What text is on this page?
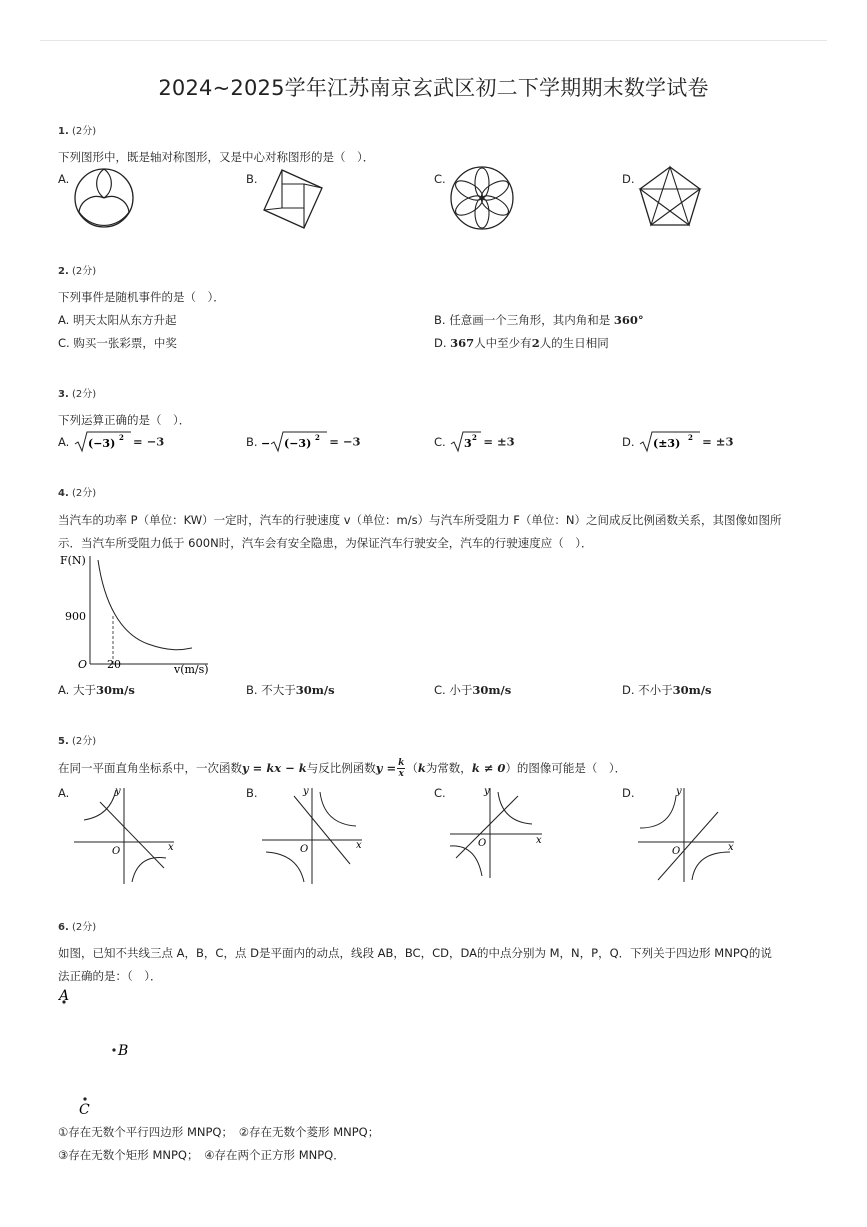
2024~2025学年江苏南京玄武区初二下学期期末数学试卷
1. (2分)
下列图形中，既是轴对称图形，又是中心对称图形的是（　）．
A.	B.	C.	D.
2. (2分)
下列事件是随机事件的是（　）．
A. 明天太阳从东方升起	B. 任意画一个三角形，其内角和是 360°
C. 购买一张彩票，中奖	D. 367人中至少有2人的生日相同
3. (2分)
下列运算正确的是（　）．
A. (−3) 2 = −3	B. − (−3) 2 = −3	C. 3 2 = ±3	D. (±3) 2 = ±3
4. (2分)
当汽车的功率 P（单位：KW）一定时，汽车的行驶速度 v（单位：m/s）与汽车所受阻力 F（单位：N）之间成反比例函数关系，其图像如图所
示．当汽车所受阻力低于 600N时，汽车会有安全隐患，为保证汽车行驶安全，汽车的行驶速度应（　）．
F(N)
v(m/s)
O
900
20
A. 大于30m/s	B. 不大于30m/s	C. 小于30m/s	D. 不小于30m/s
5. (2分)
在同一平面直角坐标系中，一次函数y = kx − k与反比例函数$y = \frac{k}{x} (k$为常数，k ≠ 0）的图像可能是（　）．
A.	B.	C.	D.
y
x
O
y
x
O
y
x
O
y
x
O
6. (2分)
如图，已知不共线三点 A，B，C，点 D是平面内的动点，线段 AB，BC，CD，DA的中点分别为 M，N，P，Q．下列关于四边形 MNPQ的说
法正确的是：（　）．
A
B
C
①存在无数个平行四边形 MNPQ；　②存在无数个菱形 MNPQ；
③存在无数个矩形 MNPQ；　④存在两个正方形 MNPQ．
